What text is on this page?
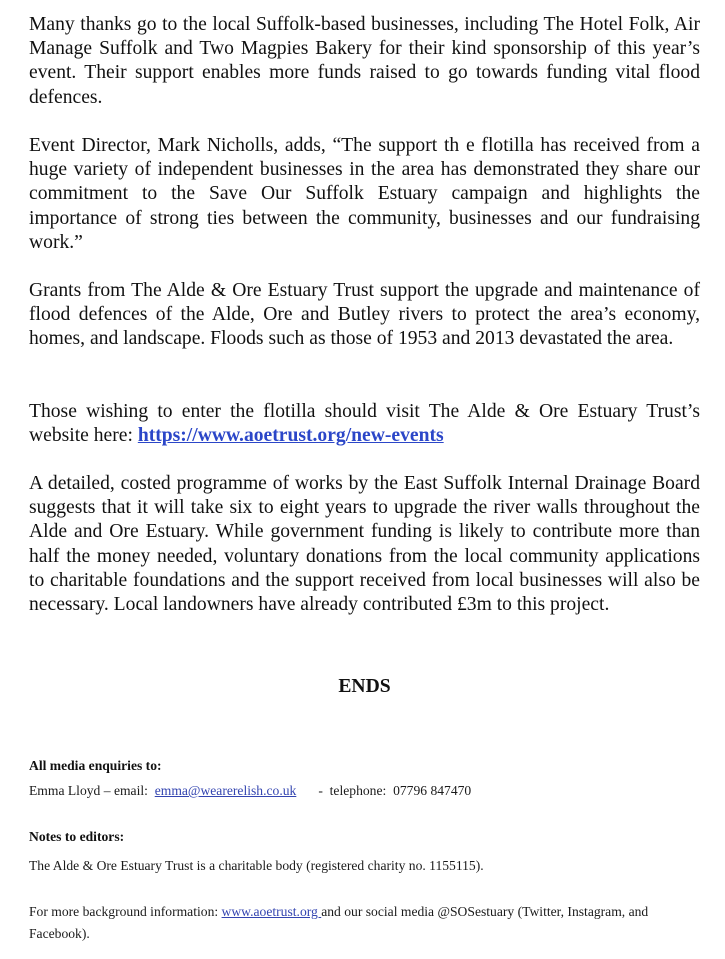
Many thanks go to the local Suffolk-based businesses, including The Hotel Folk, Air Manage Suffolk and Two Magpies Bakery for their kind sponsorship of this year’s event. Their support enables more funds raised to go towards funding vital flood defences.

Event Director, Mark Nicholls, adds, “The support th e flotilla has received from a huge variety of independent businesses in the area has demonstrated they share our commitment to the Save Our Suffolk Estuary campaign and highlights the importance of strong ties between the community, businesses and our fundraising work.”

Grants from The Alde & Ore Estuary Trust support the upgrade and maintenance of flood defences of the Alde, Ore and Butley rivers to protect the area’s economy, homes, and landscape. Floods such as those of 1953 and 2013 devastated the area.

Those wishing to enter the flotilla should visit The Alde & Ore Estuary Trust’s website here: https://www.aoetrust.org/new-events

A detailed, costed programme of works by the East Suffolk Internal Drainage Board suggests that it will take six to eight years to upgrade the river walls throughout the Alde and Ore Estuary. While government funding is likely to contribute more than half the money needed, voluntary donations from the local community applications to charitable foundations and the support received from local businesses will also be necessary. Local landowners have already contributed £3m to this project.

ENDS

All media enquiries to:

Emma Lloyd – email:  emma@wearerelish.co.uk -  telephone:  07796 847470

Notes to editors:

The Alde & Ore Estuary Trust is a charitable body (registered charity no. 1155115).

For more background information: www.aoetrust.org and our social media @SOSestuary (Twitter, Instagram, and Facebook).
